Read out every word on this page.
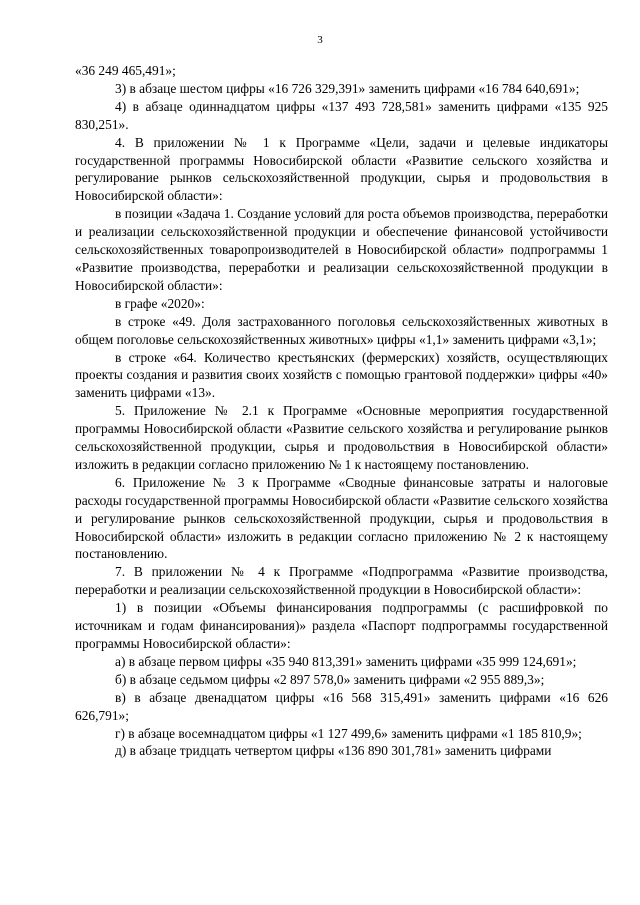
3

«36 249 465,491»;

3) в абзаце шестом цифры «16 726 329,391» заменить цифрами «16 784 640,691»;

4) в абзаце одиннадцатом цифры «137 493 728,581» заменить цифрами «135 925 830,251».

4. В приложении № 1 к Программе «Цели, задачи и целевые индикаторы государственной программы Новосибирской области «Развитие сельского хозяйства и регулирование рынков сельскохозяйственной продукции, сырья и продовольствия в Новосибирской области»:

в позиции «Задача 1. Создание условий для роста объемов производства, переработки и реализации сельскохозяйственной продукции и обеспечение финансовой устойчивости сельскохозяйственных товаропроизводителей в Новосибирской области» подпрограммы 1 «Развитие производства, переработки и реализации сельскохозяйственной продукции в Новосибирской области»:

в графе «2020»:

в строке «49. Доля застрахованного поголовья сельскохозяйственных животных в общем поголовье сельскохозяйственных животных» цифры «1,1» заменить цифрами «3,1»;

в строке «64. Количество крестьянских (фермерских) хозяйств, осуществляющих проекты создания и развития своих хозяйств с помощью грантовой поддержки» цифры «40» заменить цифрами «13».

5. Приложение № 2.1 к Программе «Основные мероприятия государственной программы Новосибирской области «Развитие сельского хозяйства и регулирование рынков сельскохозяйственной продукции, сырья и продовольствия в Новосибирской области» изложить в редакции согласно приложению № 1 к настоящему постановлению.

6. Приложение № 3 к Программе «Сводные финансовые затраты и налоговые расходы государственной программы Новосибирской области «Развитие сельского хозяйства и регулирование рынков сельскохозяйственной продукции, сырья и продовольствия в Новосибирской области» изложить в редакции согласно приложению № 2 к настоящему постановлению.

7. В приложении № 4 к Программе «Подпрограмма «Развитие производства, переработки и реализации сельскохозяйственной продукции в Новосибирской области»:

1) в позиции «Объемы финансирования подпрограммы (с расшифровкой по источникам и годам финансирования)» раздела «Паспорт подпрограммы государственной программы Новосибирской области»:

а) в абзаце первом цифры «35 940 813,391» заменить цифрами «35 999 124,691»;

б) в абзаце седьмом цифры «2 897 578,0» заменить цифрами «2 955 889,3»;

в) в абзаце двенадцатом цифры «16 568 315,491» заменить цифрами «16 626 626,791»;

г) в абзаце восемнадцатом цифры «1 127 499,6» заменить цифрами «1 185 810,9»;

д) в абзаце тридцать четвертом цифры «136 890 301,781» заменить цифрами
